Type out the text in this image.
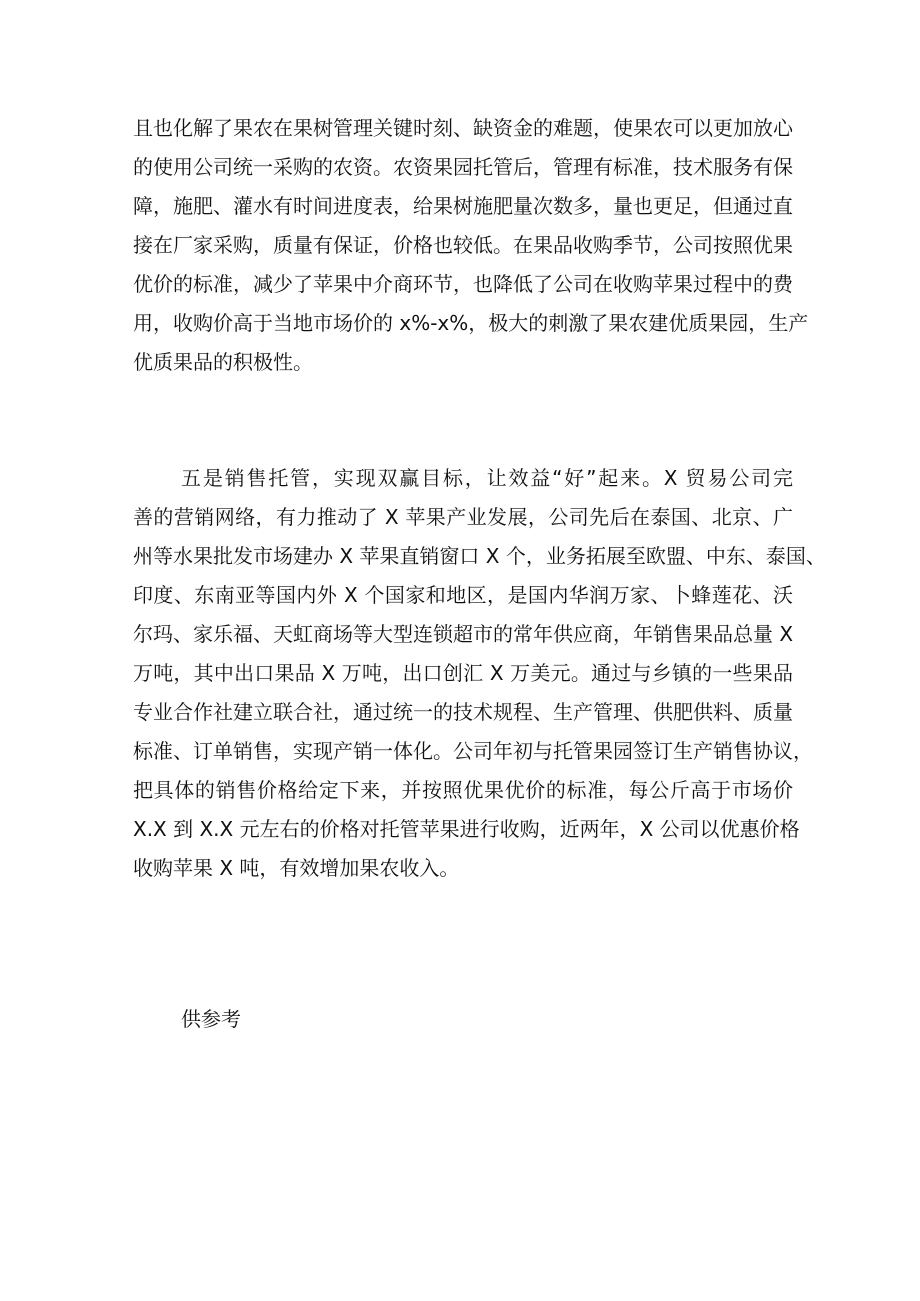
且也化解了果农在果树管理关键时刻、缺资金的难题，使果农可以更加放心
的使用公司统一采购的农资。农资果园托管后，管理有标准，技术服务有保
障，施肥、灌水有时间进度表，给果树施肥量次数多，量也更足，但通过直
接在厂家采购，质量有保证，价格也较低。在果品收购季节，公司按照优果
优价的标准，减少了苹果中介商环节，也降低了公司在收购苹果过程中的费
用，收购价高于当地市场价的 x%-x%，极大的刺激了果农建优质果园，生产
优质果品的积极性。

五是销售托管，实现双赢目标，让效益“好”起来。X 贸易公司完
善的营销网络，有力推动了 X 苹果产业发展，公司先后在泰国、北京、广
州等水果批发市场建办 X 苹果直销窗口 X 个，业务拓展至欧盟、中东、泰国、
印度、东南亚等国内外 X 个国家和地区，是国内华润万家、卜蜂莲花、沃
尔玛、家乐福、天虹商场等大型连锁超市的常年供应商，年销售果品总量 X
万吨，其中出口果品 X 万吨，出口创汇 X 万美元。通过与乡镇的一些果品
专业合作社建立联合社，通过统一的技术规程、生产管理、供肥供料、质量
标准、订单销售，实现产销一体化。公司年初与托管果园签订生产销售协议，
把具体的销售价格给定下来，并按照优果优价的标准，每公斤高于市场价
X.X 到 X.X 元左右的价格对托管苹果进行收购，近两年，X 公司以优惠价格
收购苹果 X 吨，有效增加果农收入。

供参考
